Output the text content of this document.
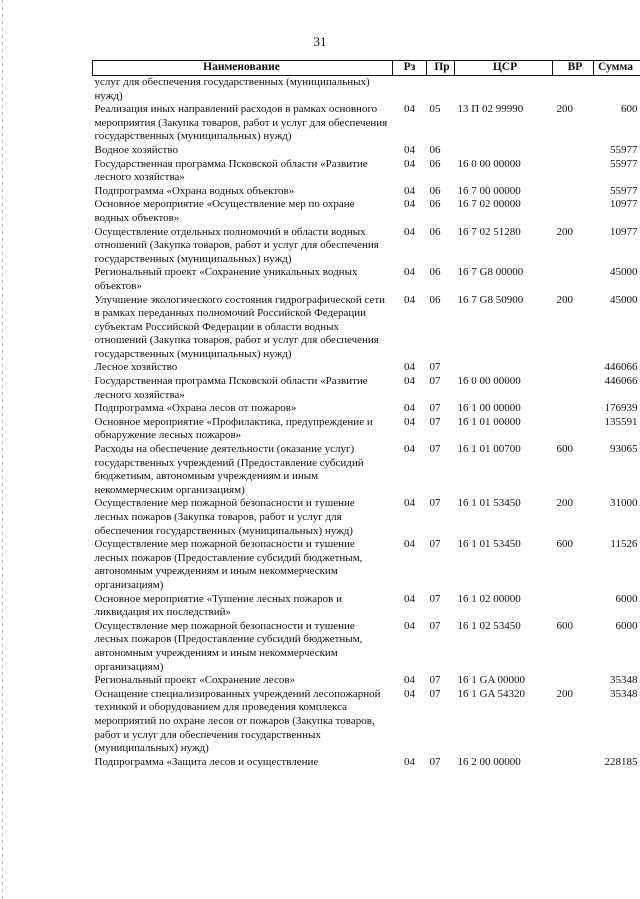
31
Наименование	Рз	Пр	ЦСР	ВР	Сумма
услуг для обеспечения государственных (муниципальных) нужд)					
Реализация иных направлений расходов в рамках основного мероприятия (Закупка товаров, работ и услуг для обеспечения государственных (муниципальных) нужд)	04	05	13 П 02 99990	200	600
Водное хозяйство	04	06			55977
Государственная программа Псковской области «Развитие лесного хозяйства»	04	06	16 0 00 00000		55977
Подпрограмма «Охрана водных объектов»	04	06	16 7 00 00000		55977
Основное мероприятие «Осуществление мер по охране водных объектов»	04	06	16 7 02 00000		10977
Осуществление отдельных полномочий в области водных отношений (Закупка товаров, работ и услуг для обеспечения государственных (муниципальных) нужд)	04	06	16 7 02 51280	200	10977
Региональный проект «Сохранение уникальных водных объектов»	04	06	16 7 G8 00000		45000
Улучшение экологического состояния гидрографической сети в рамках переданных полномочий Российской Федерации субъектам Российской Федерации в области водных отношений (Закупка товаров, работ и услуг для обеспечения государственных (муниципальных) нужд)	04	06	16 7 G8 50900	200	45000
Лесное хозяйство	04	07			446066
Государственная программа Псковской области «Развитие лесного хозяйства»	04	07	16 0 00 00000		446066
Подпрограмма «Охрана лесов от пожаров»	04	07	16 1 00 00000		176939
Основное мероприятие «Профилактика, предупреждение и обнаружение лесных пожаров»	04	07	16 1 01 00000		135591
Расходы на обеспечение деятельности (оказание услуг) государственных учреждений (Предоставление субсидий бюджетным, автономным учреждениям и иным некоммерческим организациям)	04	07	16 1 01 00700	600	93065
Осуществление мер пожарной безопасности и тушение лесных пожаров (Закупка товаров, работ и услуг для обеспечения государственных (муниципальных) нужд)	04	07	16 1 01 53450	200	31000
Осуществление мер пожарной безопасности и тушение лесных пожаров (Предоставление субсидий бюджетным, автономным учреждениям и иным некоммерческим организациям)	04	07	16 1 01 53450	600	11526
Основное мероприятие «Тушение лесных пожаров и ликвидация их последствий»	04	07	16 1 02 00000		6000
Осуществление мер пожарной безопасности и тушение лесных пожаров (Предоставление субсидий бюджетным, автономным учреждениям и иным некоммерческим организациям)	04	07	16 1 02 53450	600	6000
Региональный проект «Сохранение лесов»	04	07	16 1 GA 00000		35348
Оснащение специализированных учреждений лесопожарной техникой и оборудованием для проведения комплекса мероприятий по охране лесов от пожаров (Закупка товаров, работ и услуг для обеспечения государственных (муниципальных) нужд)	04	07	16 1 GA 54320	200	35348
Подпрограмма «Защита лесов и осуществление	04	07	16 2 00 00000		228185
